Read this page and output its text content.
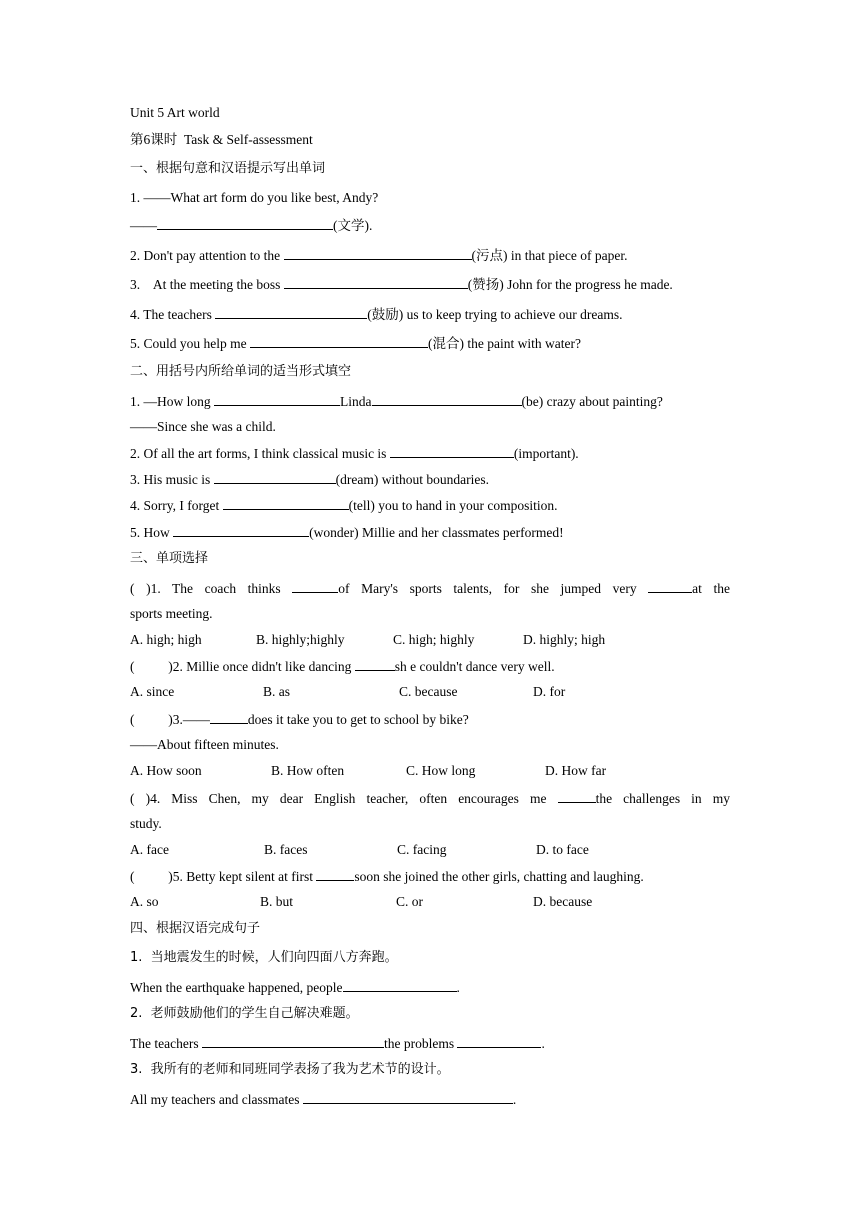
Unit 5 Art world
第6课时  Task & Self-assessment
一、根据句意和汉语提示写出单词
1. ——What art form do you like best, Andy?
——	(文学).
2. Don't pay attention to the	(污点) in that piece of paper.
3.    At the meeting the boss	(赞扬) John for the progress he made.
4. The teachers	(鼓励) us to keep trying to achieve our dreams.
5. Could you help me	(混合) the paint with water?
二、用括号内所给单词的适当形式填空
1. —How long	Linda	(be) crazy about painting?
——Since she was a child.
2. Of all the art forms, I think classical music is	(important).
3. His music is	(dream) without boundaries.
4. Sorry, I forget	(tell) you to hand in your composition.
5. How	(wonder) Millie and her classmates performed!
三、单项选择
( )1. The coach thinks	of Mary's sports talents, for she jumped very	at the
sports meeting.
A. high; high	B. highly;highly	C. high; highly	D. highly; high
(          )2. Millie once didn't like dancing	sh e couldn't dance very well.
A. since	B. as	C. because	D. for
(          )3.——	does it take you to get to school by bike?
——About fifteen minutes.
A. How soon	B. How often	C. How long	D. How far
( )4. Miss Chen, my dear English teacher, often encourages me	the challenges in my
study.
A. face	B. faces	C. facing	D. to face
(          )5. Betty kept silent at first	soon she joined the other girls, chatting and laughing.
A. so	B. but	C. or	D. because
四、根据汉语完成句子
1.  当地震发生的时候，人们向四面八方奔跑。
When the earthquake happened, people	.
2.  老师鼓励他们的学生自己解决难题。
The teachers	the problems	.
3.  我所有的老师和同班同学表扬了我为艺术节的设计。
All my teachers and classmates	.
